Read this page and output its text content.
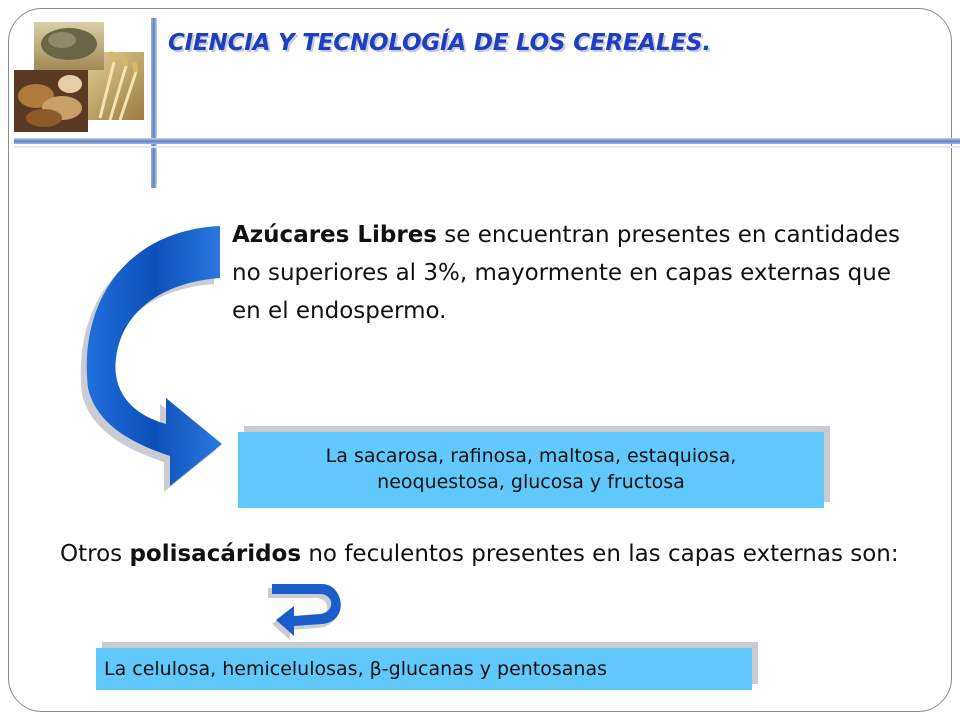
CIENCIA Y TECNOLOGÍA DE LOS CEREALES.

Azúcares Libres se encuentran presentes en cantidades no superiores al 3%, mayormente en capas externas que en el endospermo.

La sacarosa, rafinosa, maltosa, estaquiosa,
neoquestosa, glucosa y fructosa

Otros polisacáridos no feculentos presentes en las capas externas son:

La celulosa, hemicelulosas, β-glucanas y pentosanas
